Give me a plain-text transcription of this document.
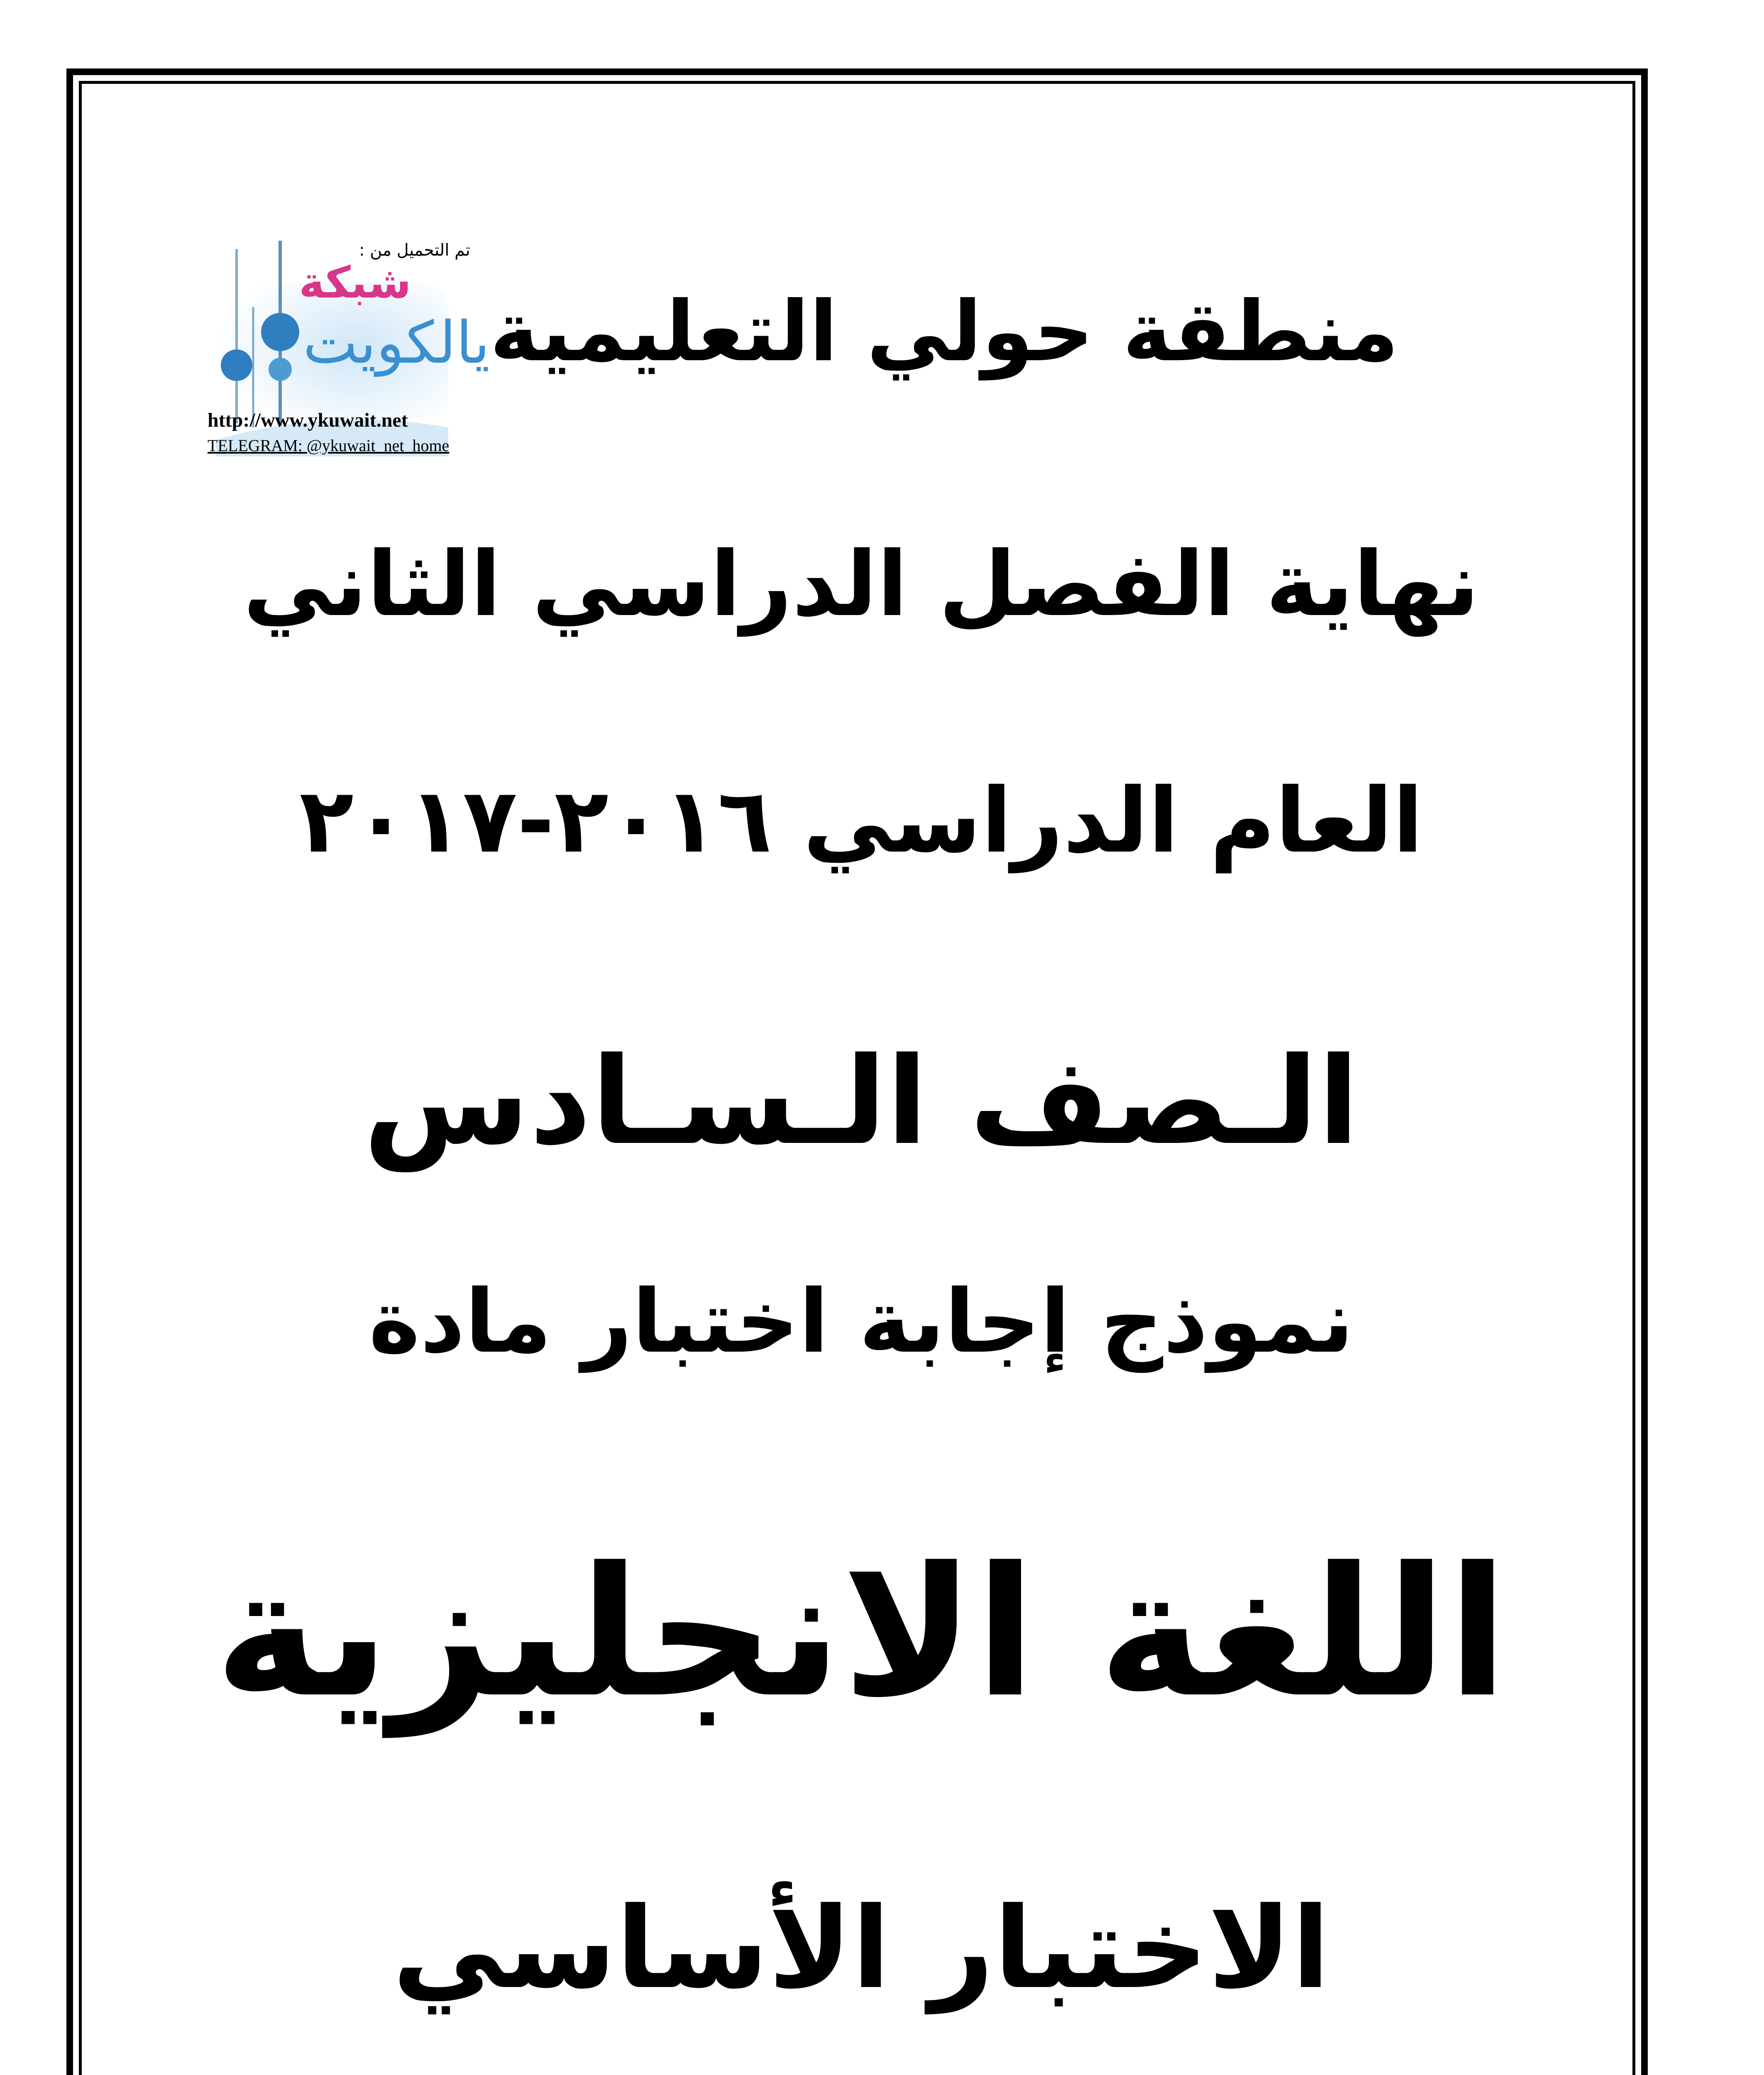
تم التحميل من :
شبكة
يالكويت
http://www.ykuwait.net
TELEGRAM: @ykuwait_net_home
منطقة حولي التعليمية
نهاية الفصل الدراسي الثاني
العام الدراسي ٢٠١٦-٢٠١٧
الـصف الـسـادس
نموذج إجابة اختبار مادة
اللغة الانجليزية
الاختبار الأساسي
